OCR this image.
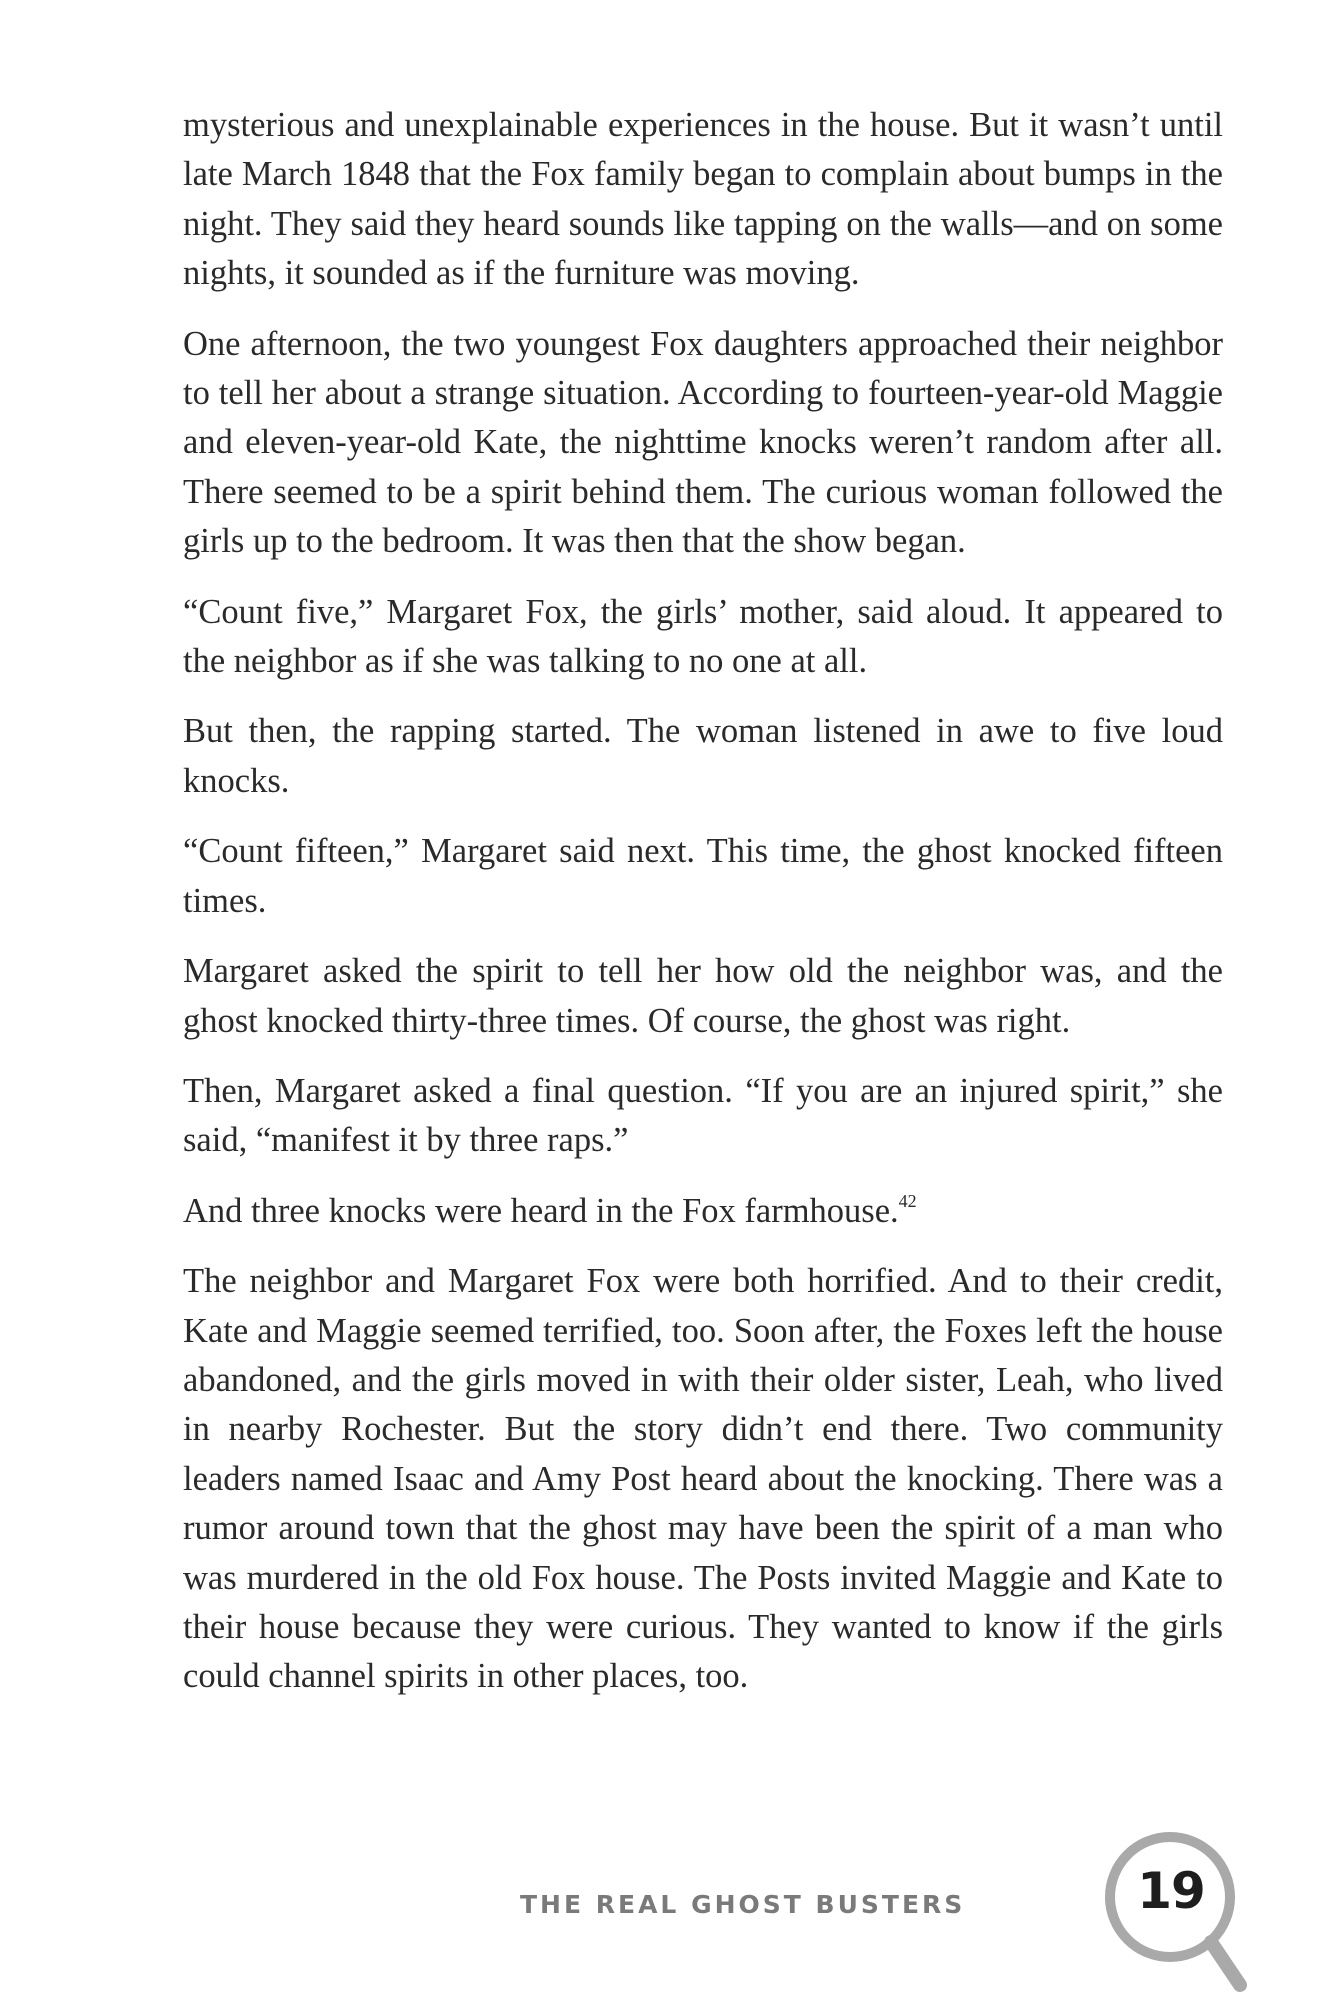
mysterious and unexplainable experiences in the house. But it wasn’t until late March 1848 that the Fox family began to complain about bumps in the night. They said they heard sounds like tapping on the walls—and on some nights, it sounded as if the furniture was moving.

One afternoon, the two youngest Fox daughters approached their neighbor to tell her about a strange situation. According to fourteen-year-old Maggie and eleven-year-old Kate, the nighttime knocks weren’t random after all. There seemed to be a spirit behind them. The curious woman followed the girls up to the bedroom. It was then that the show began.

“Count five,” Margaret Fox, the girls’ mother, said aloud. It appeared to the neighbor as if she was talking to no one at all.

But then, the rapping started. The woman listened in awe to five loud knocks.

“Count fifteen,” Margaret said next. This time, the ghost knocked fifteen times.

Margaret asked the spirit to tell her how old the neighbor was, and the ghost knocked thirty-three times. Of course, the ghost was right.

Then, Margaret asked a final question. “If you are an injured spirit,” she said, “manifest it by three raps.”

And three knocks were heard in the Fox farmhouse.$^{42}$

The neighbor and Margaret Fox were both horrified. And to their credit, Kate and Maggie seemed terrified, too. Soon after, the Foxes left the house abandoned, and the girls moved in with their older sister, Leah, who lived in nearby Rochester. But the story didn’t end there. Two community leaders named Isaac and Amy Post heard about the knocking. There was a rumor around town that the ghost may have been the spirit of a man who was murdered in the old Fox house. The Posts invited Maggie and Kate to their house because they were curious. They wanted to know if the girls could channel spirits in other places, too.

THE REAL GHOST BUSTERS	19
